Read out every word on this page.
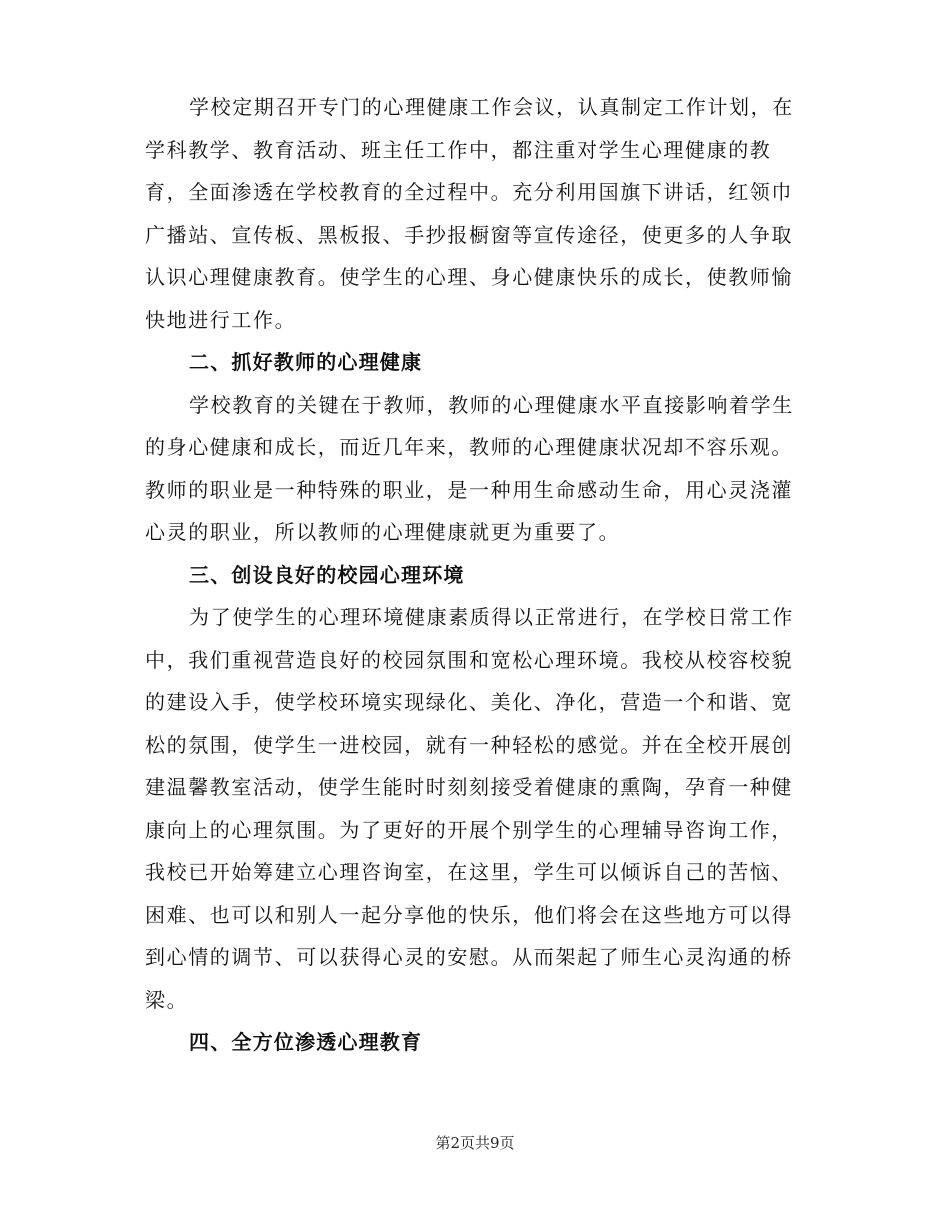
学校定期召开专门的心理健康工作会议，认真制定工作计划，在
学科教学、教育活动、班主任工作中，都注重对学生心理健康的教
育，全面渗透在学校教育的全过程中。充分利用国旗下讲话，红领巾
广播站、宣传板、黑板报、手抄报橱窗等宣传途径，使更多的人争取
认识心理健康教育。使学生的心理、身心健康快乐的成长，使教师愉
快地进行工作。
二、抓好教师的心理健康
学校教育的关键在于教师，教师的心理健康水平直接影响着学生
的身心健康和成长，而近几年来，教师的心理健康状况却不容乐观。
教师的职业是一种特殊的职业，是一种用生命感动生命，用心灵浇灌
心灵的职业，所以教师的心理健康就更为重要了。
三、创设良好的校园心理环境
为了使学生的心理环境健康素质得以正常进行，在学校日常工作
中，我们重视营造良好的校园氛围和宽松心理环境。我校从校容校貌
的建设入手，使学校环境实现绿化、美化、净化，营造一个和谐、宽
松的氛围，使学生一进校园，就有一种轻松的感觉。并在全校开展创
建温馨教室活动，使学生能时时刻刻接受着健康的熏陶，孕育一种健
康向上的心理氛围。为了更好的开展个别学生的心理辅导咨询工作，
我校已开始筹建立心理咨询室，在这里，学生可以倾诉自己的苦恼、
困难、也可以和别人一起分享他的快乐，他们将会在这些地方可以得
到心情的调节、可以获得心灵的安慰。从而架起了师生心灵沟通的桥
梁。
四、全方位渗透心理教育
第2页共9页
